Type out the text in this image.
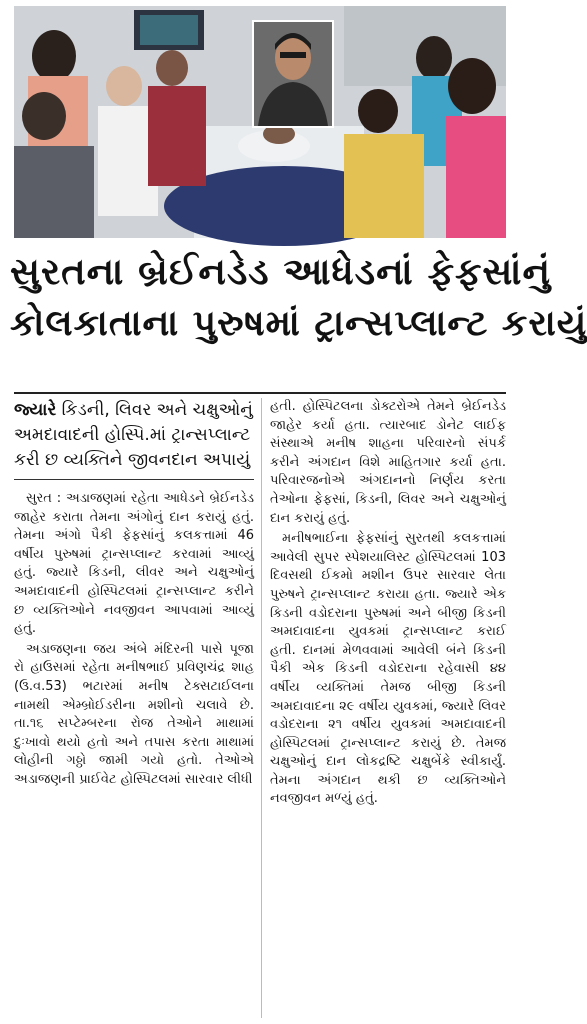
સુરતના બ્રેઈનડેડ આધેડનાં ફેફસાંનું
કોલકાતાના પુરુષમાં ટ્રાન્સપ્લાન્ટ કરાયું
જ્યારે કિડની, લિવર અને ચક્ષુઓનું અમદાવાદની હોસ્પિ.માં ટ્રાન્સપ્લાન્ટ કરી છ વ્યક્તિને જીવનદાન અપાયું

સુરત : અડાજણમાં રહેતા આધેડને બ્રેઈનડેડ જાહેર કરાતા તેમના અંગોનું દાન કરાયું હતું. તેમના અંગો પૈકી ફેફસાંનું કલકત્તામાં 46 વર્ષીય પુરુષમાં ટ્રાન્સપ્લાન્ટ કરવામાં આવ્યું હતું. જ્યારે કિડની, લીવર અને ચક્ષુઓનું અમદાવાદની હોસ્પિટલમાં ટ્રાન્સપ્લાન્ટ કરીને છ વ્યક્તિઓને નવજીવન આપવામાં આવ્યું હતું.

અડાજણના જય અંબે મંદિરની પાસે પૂજા રો હાઉસમાં રહેતા મનીષભાઈ પ્રવિણચંદ્ર શાહ (ઉ.વ.53) ભટારમાં મનીષ ટેક્સટાઈલના નામથી એમ્બ્રોઈડરીના મશીનો ચલાવે છે. તા.૧૬ સપ્ટેમ્બરના રોજ તેઓને માથામાં દુઃખાવો થયો હતો અને તપાસ કરતા માથામાં લોહીની ગઠ્ઠો જામી ગયો હતો. તેઓએ અડાજણની પ્રાઈવેટ હોસ્પિટલમાં સારવાર લીધી

હતી. હોસ્પિટલના ડોક્ટરોએ તેમને બ્રેઈનડેડ જાહેર કર્યા હતા. ત્યારબાદ ડોનેટ લાઈફ સંસ્થાએ મનીષ શાહના પરિવારનો સંપર્ક કરીને અંગદાન વિશે માહિતગાર કર્યા હતા. પરિવારજનોએ અંગદાનનો નિર્ણય કરતા તેઓના ફેફસાં, કિડની, લિવર અને ચક્ષુઓનું દાન કરાયું હતું.

મનીષભાઈના ફેફસાંનું સુરતથી કલકત્તામાં આવેલી સુપર સ્પેશયાલિસ્ટ હોસ્પિટલમાં 103 દિવસથી ઈકમો મશીન ઉપર સારવાર લેતા પુરુષને ટ્રાન્સપ્લાન્ટ કરાયા હતા. જ્યારે એક કિડની વડોદરાના પુરુષમાં અને બીજી કિડની અમદાવાદના યુવકમાં ટ્રાન્સપ્લાન્ટ કરાઈ હતી. દાનમાં મેળવવામાં આવેલી બંને કિડની પૈકી એક કિડની વડોદરાના રહેવાસી ૪૪ વર્ષીય વ્યક્તિમાં તેમજ બીજી કિડની અમદાવાદના ૨૯ વર્ષીય યુવકમાં, જ્યારે લિવર વડોદરાના ૨૧ વર્ષીય યુવકમાં અમદાવાદની હોસ્પિટલમાં ટ્રાન્સપ્લાન્ટ કરાયું છે. તેમજ ચક્ષુઓનું દાન લોકદ્રષ્ટિ ચક્ષુબેંકે સ્વીકાર્યું. તેમના અંગદાન થકી છ વ્યક્તિઓને નવજીવન મળ્યું હતું.
